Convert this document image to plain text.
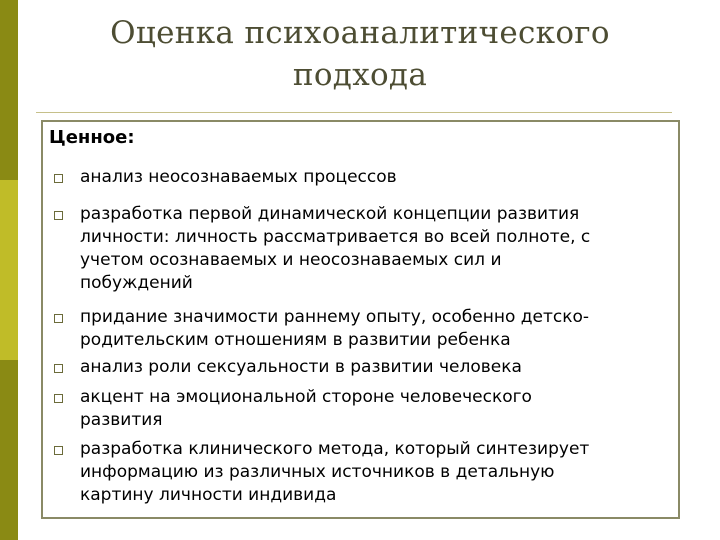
Оценка психоаналитического
подхода
Ценное:
анализ неосознаваемых процессов
разработка первой динамической концепции развития
личности: личность рассматривается во всей полноте, с
учетом осознаваемых и неосознаваемых сил и
побуждений
придание значимости раннему опыту, особенно детско-
родительским отношениям в развитии ребенка
анализ роли сексуальности в развитии человека
акцент на эмоциональной стороне человеческого
развития
разработка клинического метода, который синтезирует
информацию из различных источников в детальную
картину личности индивида
